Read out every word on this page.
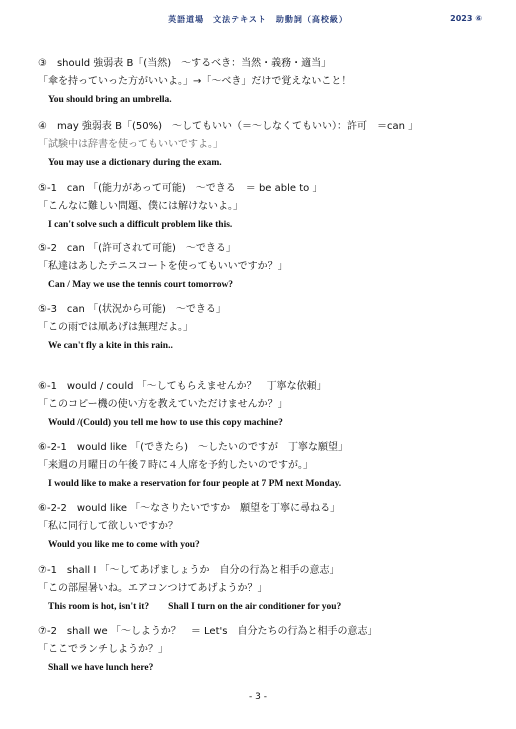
英語道場　文法テキスト　助動詞（高校級）	2023 ⑥
③　should 強弱表 B「(当然)　～するべき：当然・義務・適当」
「傘を持っていった方がいいよ。」→「～べき」だけで覚えないこと！
You should bring an umbrella.
④　may 強弱表 B「(50%)　～してもいい（＝～しなくてもいい）：許可　＝can 」
「試験中は辞書を使ってもいいですよ。」
You may use a dictionary during the exam.
⑤-1　can 「(能力があって可能)　～できる　＝ be able to 」
「こんなに難しい問題、僕には解けないよ。」
I can't solve such a difficult problem like this.
⑤-2　can 「(許可されて可能)　～できる」
「私達はあしたテニスコートを使ってもいいですか？」
Can / May we use the tennis court tomorrow?
⑤-3　can 「(状況から可能)　～できる」
「この雨では凧あげは無理だよ。」
We can't fly a kite in this rain..
⑥-1　would / could 「～してもらえませんか？　丁寧な依頼」
「このコピー機の使い方を教えていただけませんか？」
Would /(Could) you tell me how to use this copy machine?
⑥-2-1　would like 「(できたら)　～したいのですが　丁寧な願望」
「来週の月曜日の午後７時に４人席を予約したいのですが。」
I would like to make a reservation for four people at 7 PM next Monday.
⑥-2-2　would like 「～なさりたいですか　願望を丁寧に尋ねる」
「私に同行して欲しいですか？
Would you like me to come with you?
⑦-1　shall I 「～してあげましょうか　自分の行為と相手の意志」
「この部屋暑いね。エアコンつけてあげようか？」
This room is hot, isn't it?　　Shall I turn on the air conditioner for you?
⑦-2　shall we 「～しようか？　＝ Let's　自分たちの行為と相手の意志」
「ここでランチしようか？」
Shall we have lunch here?
- 3 -
